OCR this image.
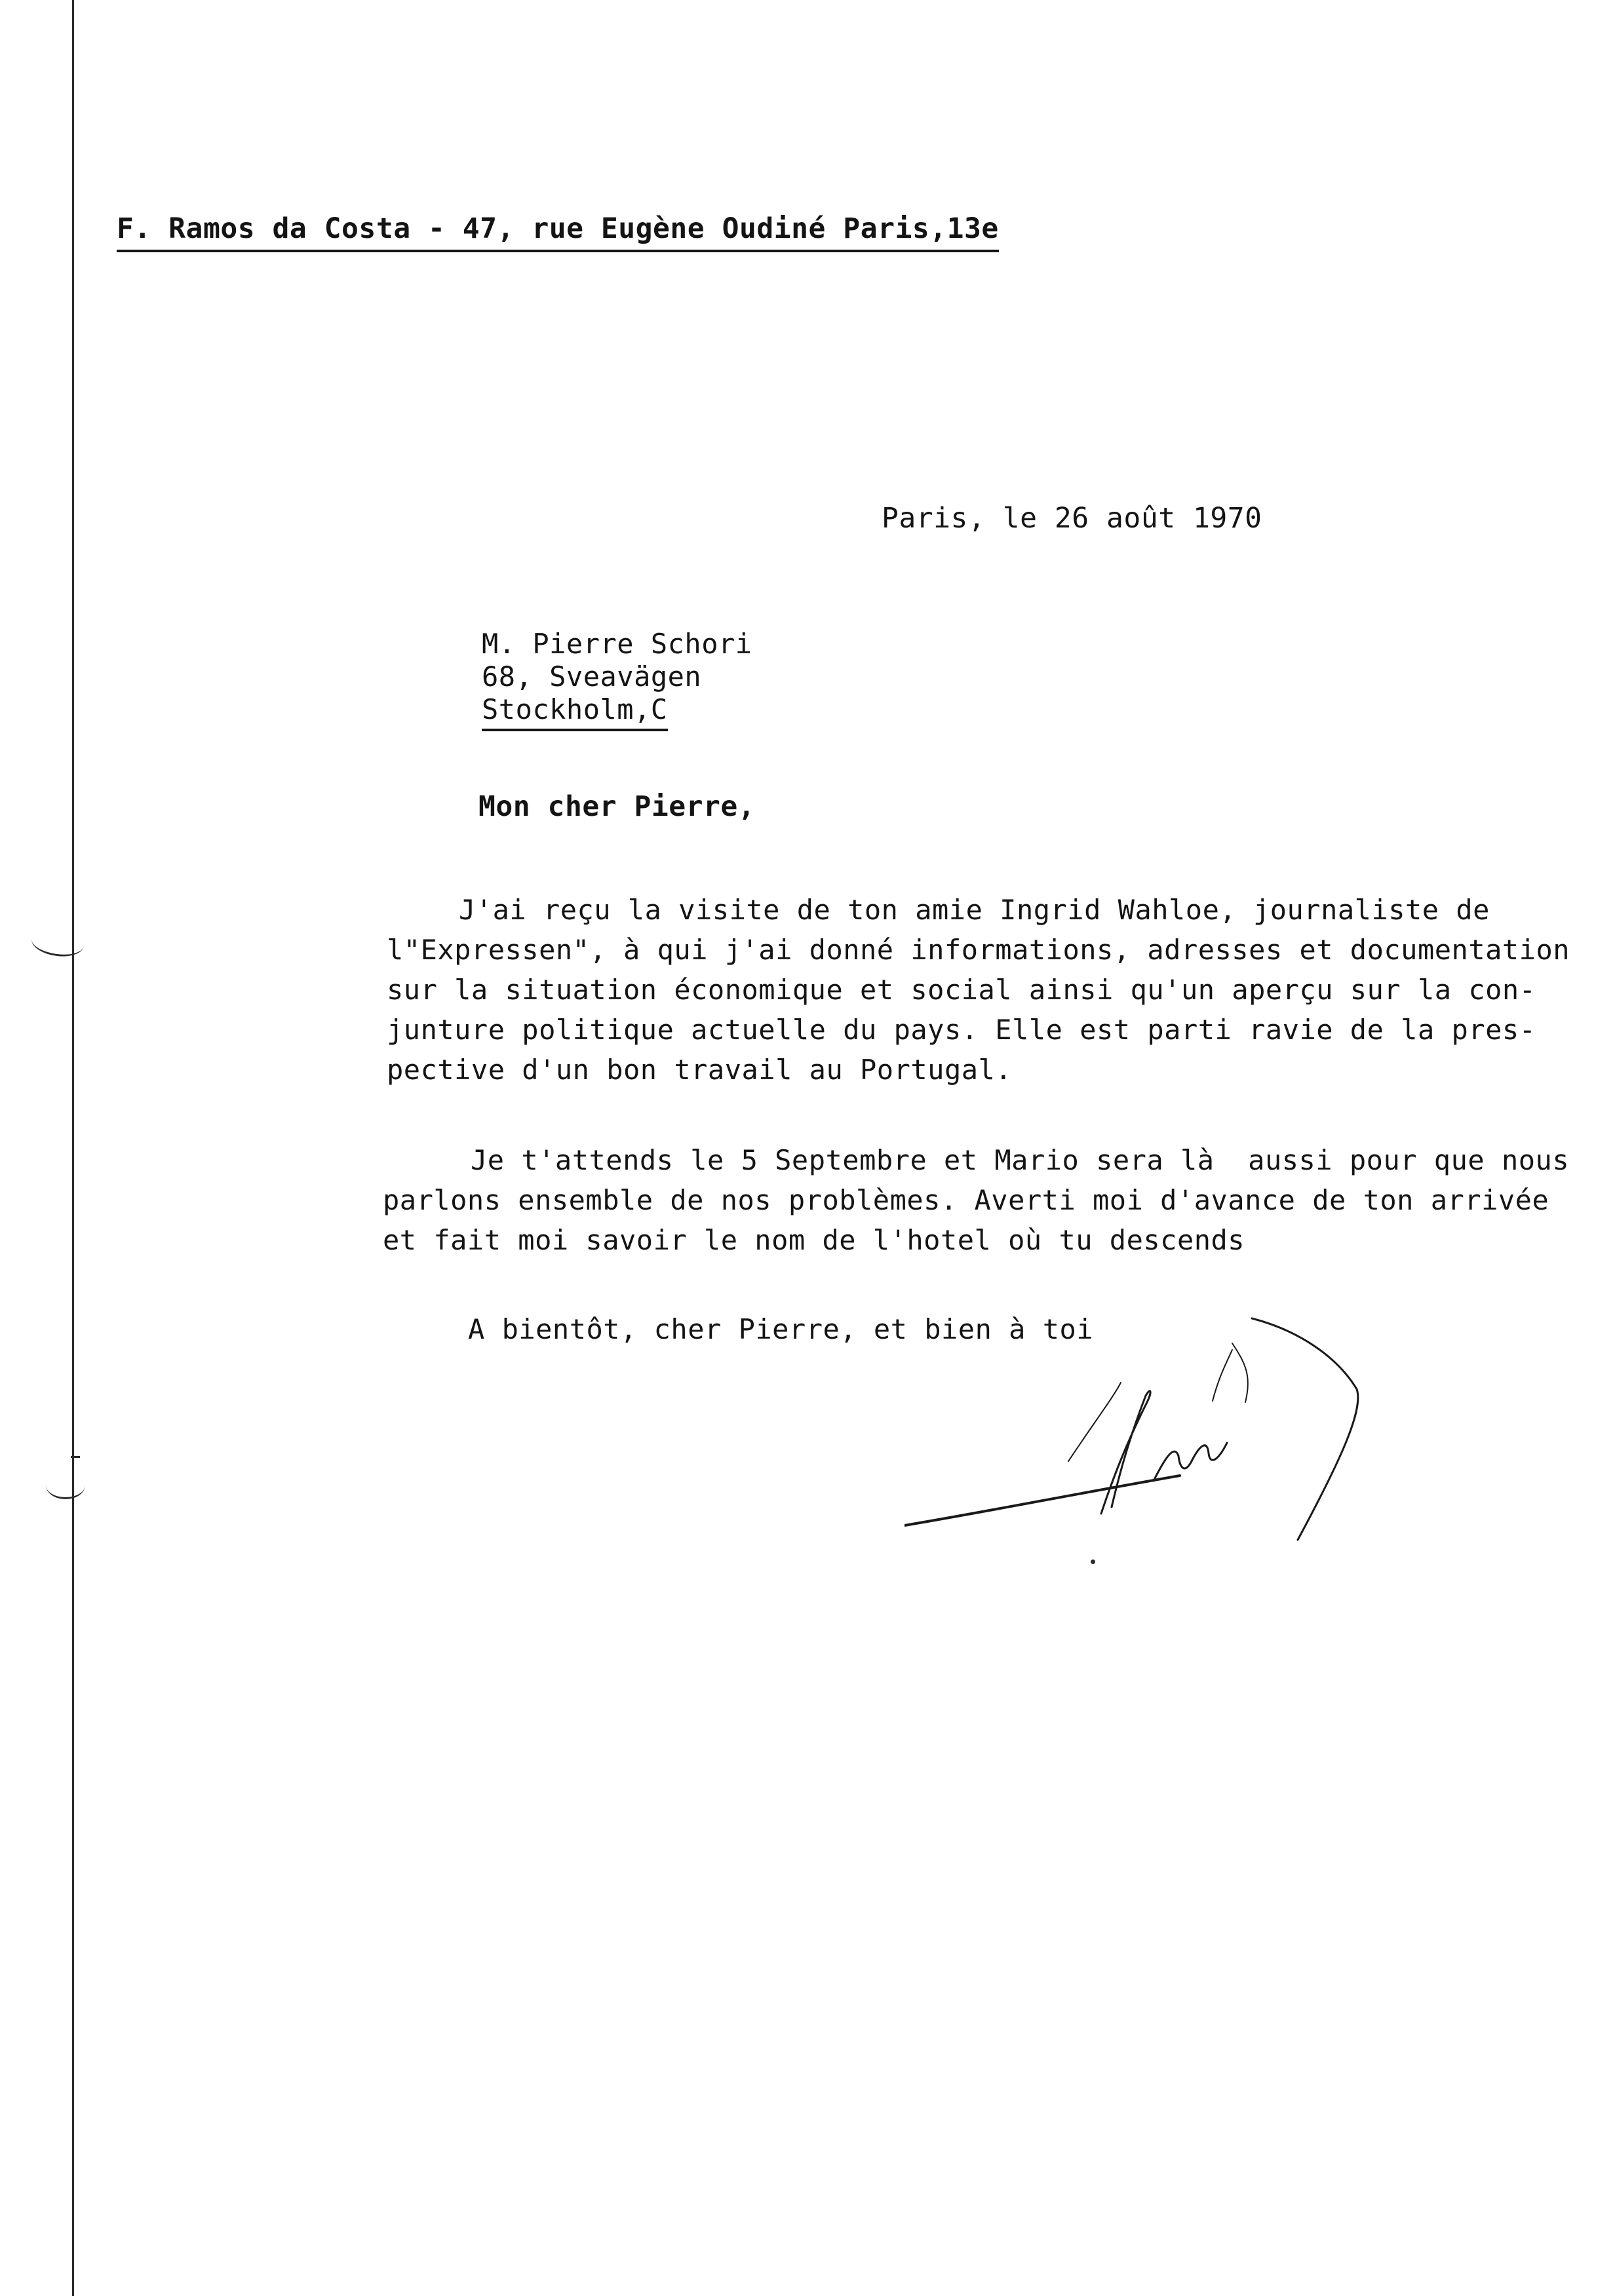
F. Ramos da Costa - 47, rue Eugène Oudiné Paris,13e
Paris, le 26 août 1970
M. Pierre Schori
68, Sveavägen
Stockholm,C
Mon cher Pierre,
J'ai reçu la visite de ton amie Ingrid Wahloe, journaliste de
l"Expressen", à qui j'ai donné informations, adresses et documentation
sur la situation économique et social ainsi qu'un aperçu sur la con-
junture politique actuelle du pays. Elle est parti ravie de la pres-
pective d'un bon travail au Portugal.
Je t'attends le 5 Septembre et Mario sera là  aussi pour que nous
parlons ensemble de nos problèmes. Averti moi d'avance de ton arrivée
et fait moi savoir le nom de l'hotel où tu descends
A bientôt, cher Pierre, et bien à toi
